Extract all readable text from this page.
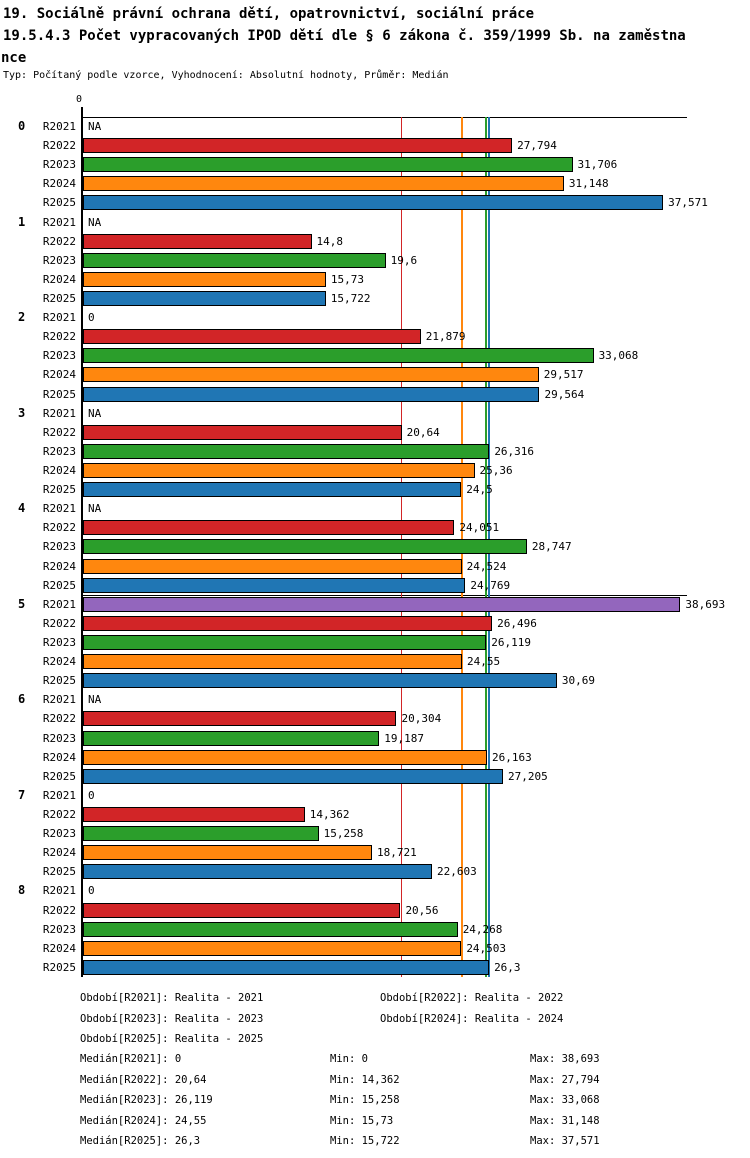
19. Sociálně právní ochrana dětí, opatrovnictví, sociální práce
19.5.4.3 Počet vypracovaných IPOD dětí dle § 6 zákona č. 359/1999 Sb. na zaměstna
nce
Typ: Počítaný podle vzorce, Vyhodnocení: Absolutní hodnoty, Průměr: Medián
0
0	R2021 NA
R2022	27,794
R2023	31,706
R2024	31,148
R2025	37,571
1	R2021 NA
R2022	14,8
R2023	19,6
R2024	15,73
R2025	15,722
2	R2021 0
R2022	21,879
R2023	33,068
R2024	29,517
R2025	29,564
3	R2021 NA
R2022	20,64
R2023	26,316
R2024	25,36
R2025	24,5
4	R2021 NA
R2022	24,051
R2023	28,747
R2024	24,524
R2025	24,769
5	R2021	38,693
R2022	26,496
R2023	26,119
R2024	24,55
R2025	30,69
6	R2021 NA
R2022	20,304
R2023	19,187
R2024	26,163
R2025	27,205
7	R2021 0
R2022	14,362
R2023	15,258
R2024	18,721
R2025	22,603
8	R2021 0
R2022	20,56
R2023	24,268
R2024	24,503
R2025	26,3
Období[R2021]: Realita - 2021	Období[R2022]: Realita - 2022
Období[R2023]: Realita - 2023	Období[R2024]: Realita - 2024
Období[R2025]: Realita - 2025
Medián[R2021]: 0	Min: 0	Max: 38,693
Medián[R2022]: 20,64	Min: 14,362	Max: 27,794
Medián[R2023]: 26,119	Min: 15,258	Max: 33,068
Medián[R2024]: 24,55	Min: 15,73	Max: 31,148
Medián[R2025]: 26,3	Min: 15,722	Max: 37,571
